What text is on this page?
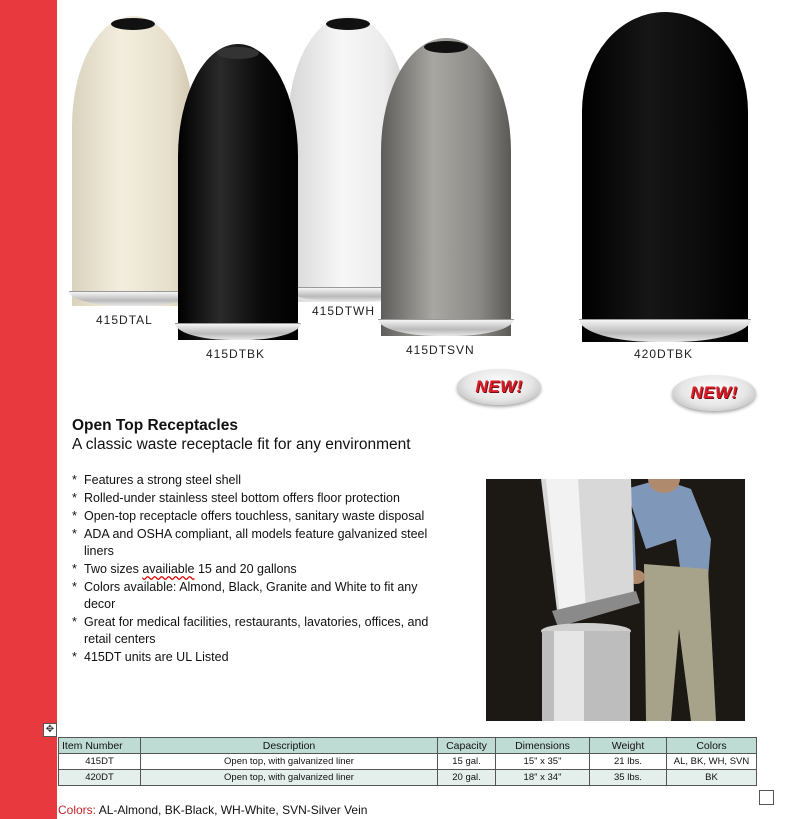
415DTAL
415DTBK
415DTWH
415DTSVN	420DTBK
NEW!	NEW!
Open Top Receptacles
A classic waste receptacle fit for any environment
* Features a strong steel shell
* Rolled-under stainless steel bottom offers floor protection
* Open-top receptacle offers touchless, sanitary waste disposal
* ADA and OSHA compliant, all models feature galvanized steel liners
* Two sizes availiable 15 and 20 gallons
* Colors available: Almond, Black, Granite and White to fit any decor
* Great for medical facilities, restaurants, lavatories, offices, and retail centers
* 415DT units are UL Listed
✥
Item Number	Description	Capacity	Dimensions	Weight	Colors
415DT	Open top, with galvanized liner	15 gal.	15" x 35"	21 lbs.	AL, BK, WH, SVN
420DT	Open top, with galvanized liner	20 gal.	18" x 34"	35 lbs.	BK
Colors: AL-Almond, BK-Black, WH-White, SVN-Silver Vein
